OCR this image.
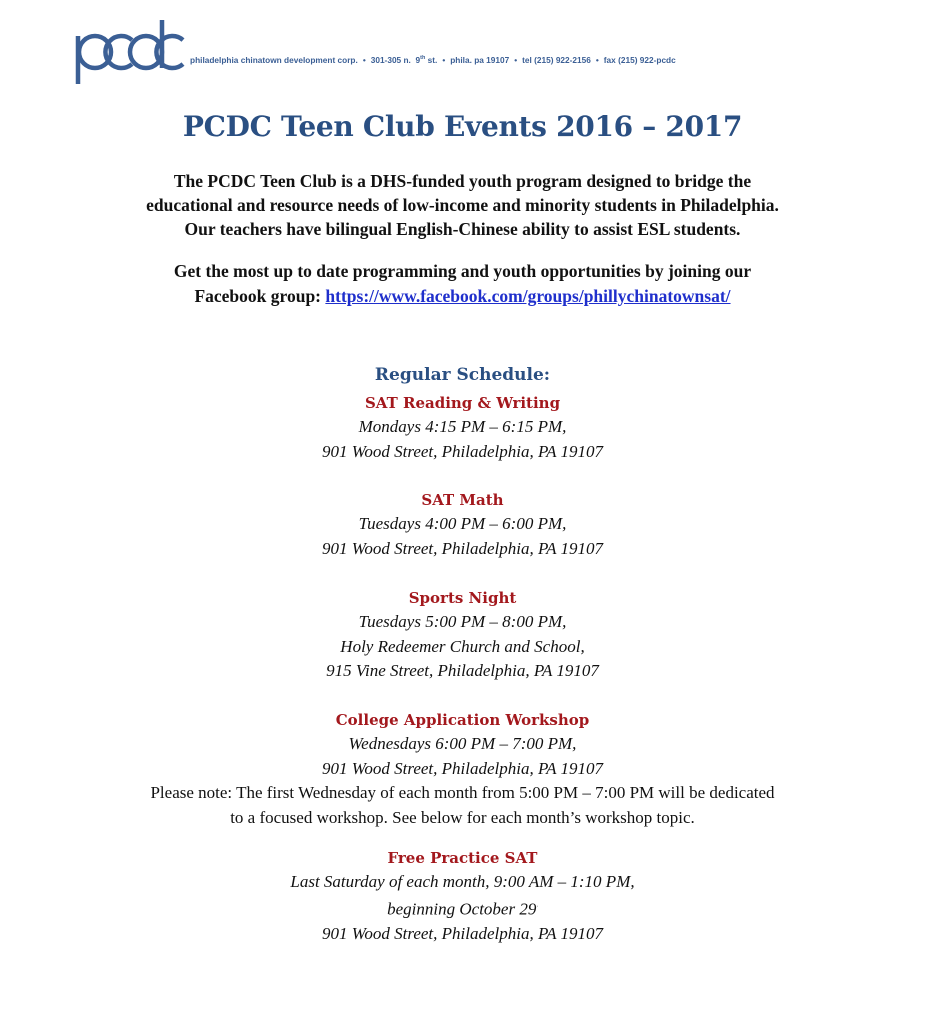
philadelphia chinatown development corp. • 301-305 n. 9th st. • phila. pa 19107 • tel (215) 922-2156 • fax (215) 922-pcdc
PCDC Teen Club Events 2016 – 2017
The PCDC Teen Club is a DHS-funded youth program designed to bridge the
educational and resource needs of low-income and minority students in Philadelphia.
Our teachers have bilingual English-Chinese ability to assist ESL students.
Get the most up to date programming and youth opportunities by joining our
Facebook group: https://www.facebook.com/groups/phillychinatownsat/
Regular Schedule:
SAT Reading & Writing
Mondays 4:15 PM – 6:15 PM,
901 Wood Street, Philadelphia, PA 19107
SAT Math
Tuesdays 4:00 PM – 6:00 PM,
901 Wood Street, Philadelphia, PA 19107
Sports Night
Tuesdays 5:00 PM – 8:00 PM,
Holy Redeemer Church and School,
915 Vine Street, Philadelphia, PA 19107
College Application Workshop
Wednesdays 6:00 PM – 7:00 PM,
901 Wood Street, Philadelphia, PA 19107
Please note: The first Wednesday of each month from 5:00 PM – 7:00 PM will be dedicated
to a focused workshop. See below for each month’s workshop topic.
Free Practice SAT
Last Saturday of each month, 9:00 AM – 1:10 PM,
beginning October 29·
901 Wood Street, Philadelphia, PA 19107
